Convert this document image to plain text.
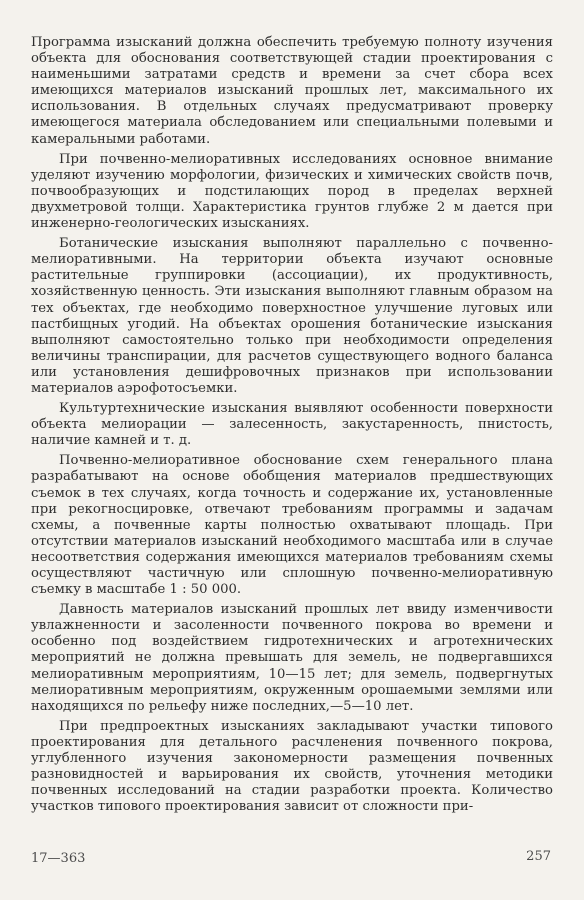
Программа изысканий должна обеспечить требуемую полноту изучения объекта для обоснования соответствующей стадии проектирования с наименьшими затратами средств и времени за счет сбора всех имеющихся материалов изысканий прошлых лет, максимального их использования. В отдельных случаях предусматривают проверку имеющегося материала обследованием или специальными полевыми и камеральными работами.

При почвенно-мелиоративных исследованиях основное внимание уделяют изучению морфологии, физических и химических свойств почв, почвообразующих и подстилающих пород в пределах верхней двухметровой толщи. Характеристика грунтов глубже 2 м дается при инженерно-геологических изысканиях.

Ботанические изыскания выполняют параллельно с почвенно-мелиоративными. На территории объекта изучают основные растительные группировки (ассоциации), их продуктивность, хозяйственную ценность. Эти изыскания выполняют главным образом на тех объектах, где необходимо поверхностное улучшение луговых или пастбищных угодий. На объектах орошения ботанические изыскания выполняют самостоятельно только при необходимости определения величины транспирации, для расчетов существующего водного баланса или установления дешифровочных признаков при использовании материалов аэрофотосъемки.

Культуртехнические изыскания выявляют особенности поверхности объекта мелиорации — залесенность, закустаренность, пнистость, наличие камней и т. д.

Почвенно-мелиоративное обоснование схем генерального плана разрабатывают на основе обобщения материалов предшествующих съемок в тех случаях, когда точность и содержание их, установленные при рекогносцировке, отвечают требованиям программы и задачам схемы, а почвенные карты полностью охватывают площадь. При отсутствии материалов изысканий необходимого масштаба или в случае несоответствия содержания имеющихся материалов требованиям схемы осуществляют частичную или сплошную почвенно-мелиоративную съемку в масштабе 1 : 50 000.

Давность материалов изысканий прошлых лет ввиду изменчивости увлажненности и засоленности почвенного покрова во времени и особенно под воздействием гидротехнических и агротехнических мероприятий не должна превышать для земель, не подвергавшихся мелиоративным мероприятиям, 10—15 лет; для земель, подвергнутых мелиоративным мероприятиям, окруженным орошаемыми землями или находящихся по рельефу ниже последних,—5—10 лет.

При предпроектных изысканиях закладывают участки типового проектирования для детального расчленения почвенного покрова, углубленного изучения закономерности размещения почвенных разновидностей и варьирования их свойств, уточнения методики почвенных исследований на стадии разработки проекта. Количество участков типового проектирования зависит от сложности при-

17—363	257
